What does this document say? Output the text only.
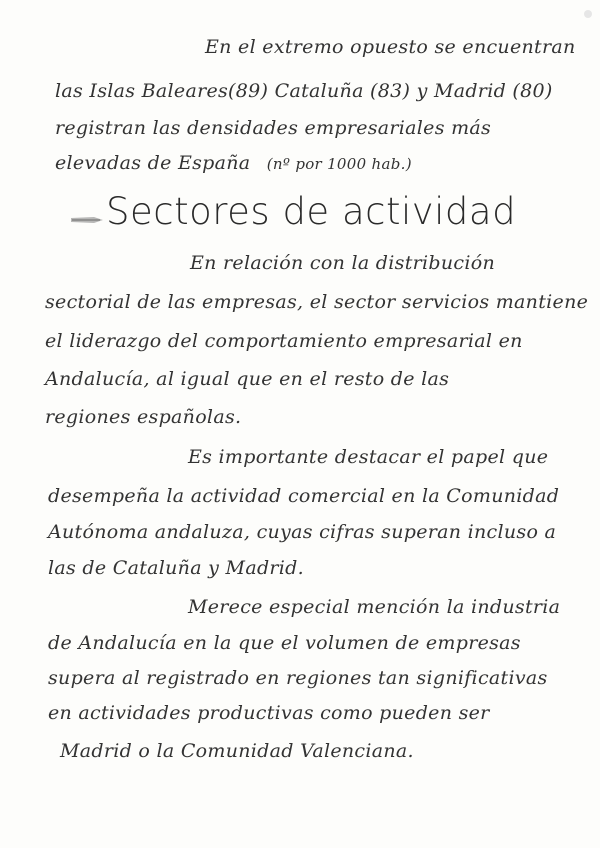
En el extremo opuesto se encuentran
las Islas Baleares(89) Cataluña (83) y Madrid (80)
registran las densidades empresariales más
elevadas de España (nº por 1000 hab.)
Sectores de actividad
En relación con la distribución
sectorial de las empresas, el sector servicios mantiene
el liderazgo del comportamiento empresarial en
Andalucía, al igual que en el resto de las
regiones españolas.
Es importante destacar el papel que
desempeña la actividad comercial en la Comunidad
Autónoma andaluza, cuyas cifras superan incluso a
las de Cataluña y Madrid.
Merece especial mención la industria
de Andalucía en la que el volumen de empresas
supera al registrado en regiones tan significativas
en actividades productivas como pueden ser
Madrid o la Comunidad Valenciana.
